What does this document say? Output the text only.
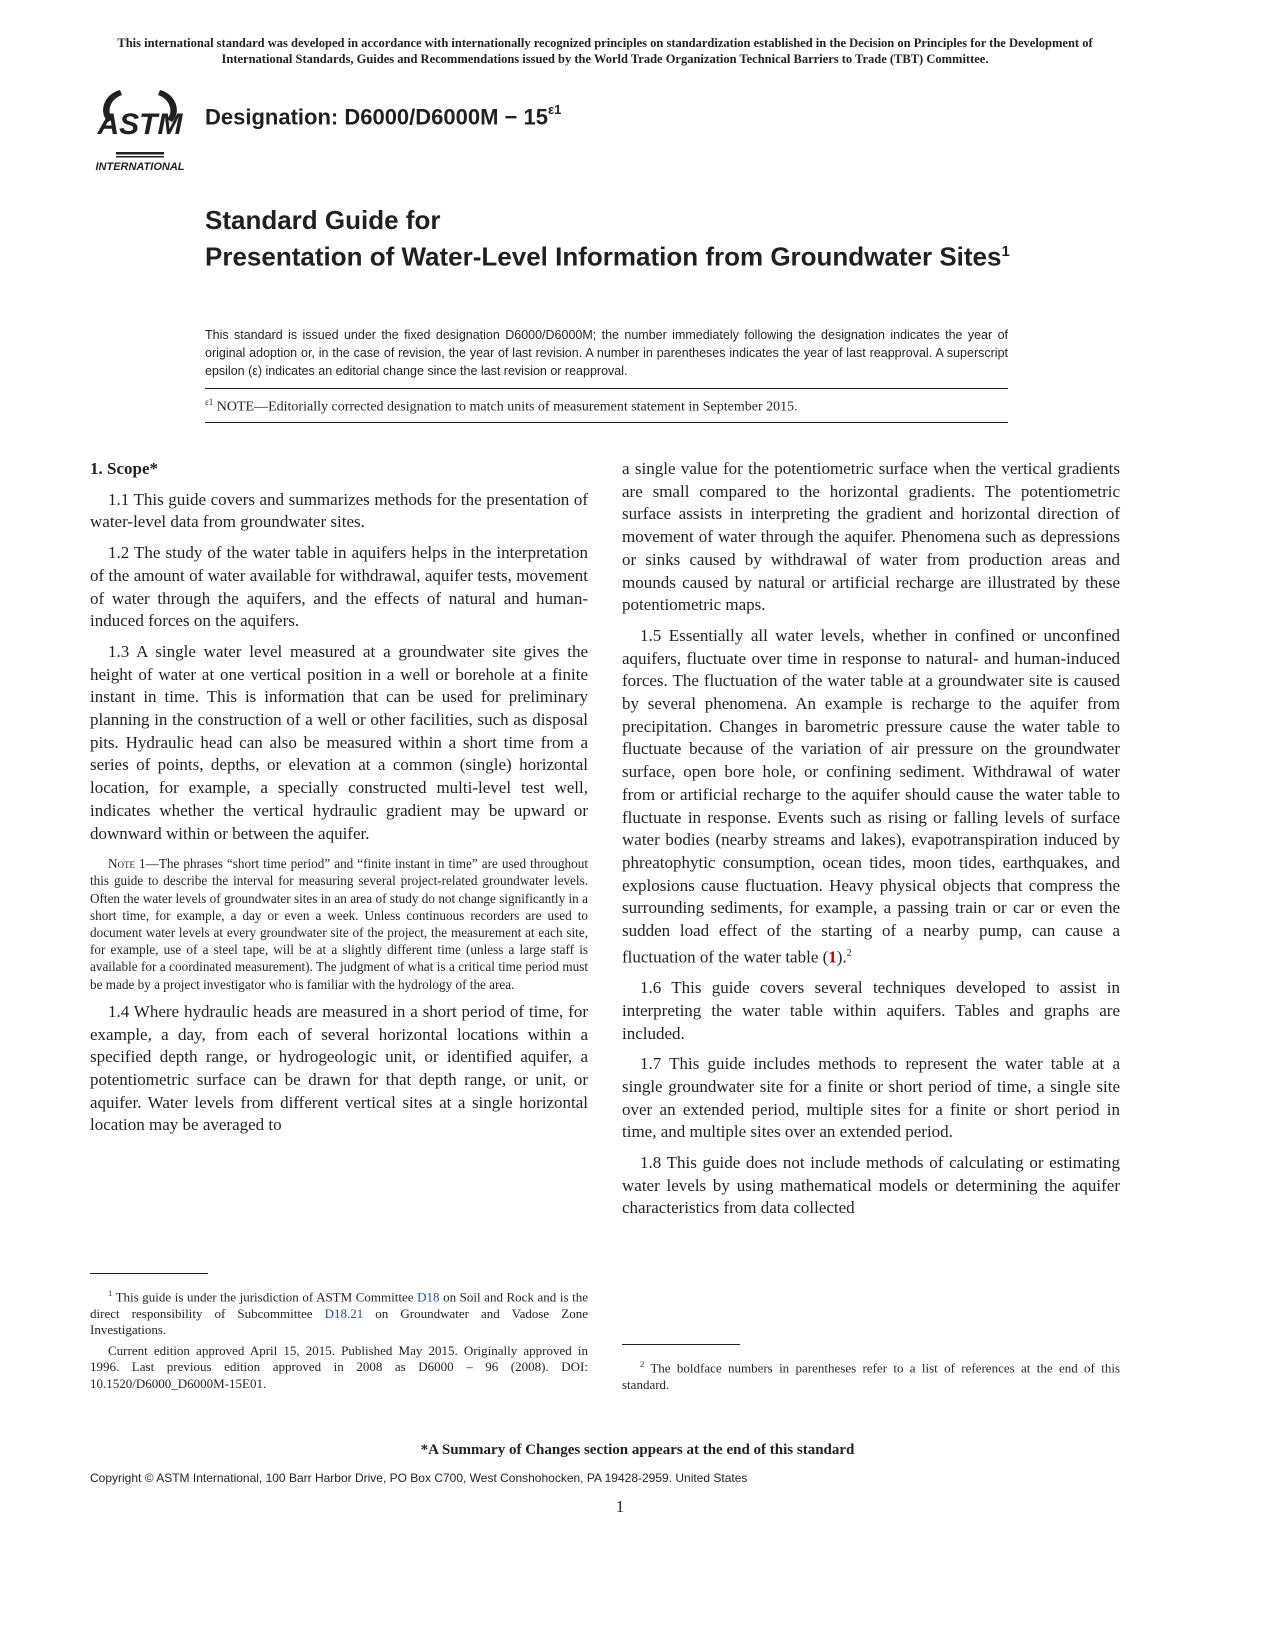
This international standard was developed in accordance with internationally recognized principles on standardization established in the Decision on Principles for the Development of International Standards, Guides and Recommendations issued by the World Trade Organization Technical Barriers to Trade (TBT) Committee.
ASTM
INTERNATIONAL
Designation: $D6000/D6000M - 15^{\varepsilon 1}$
Standard Guide for
Presentation of Water-Level Information from Groundwater Sites$^1$

This standard is issued under the fixed designation D6000/D6000M; the number immediately following the designation indicates the year of original adoption or, in the case of revision, the year of last revision. A number in parentheses indicates the year of last reapproval. A superscript epsilon (ε) indicates an editorial change since the last revision or reapproval.

$^{\varepsilon 1}$ NOTE—Editorially corrected designation to match units of measurement statement in September 2015.

1. Scope*

1.1 This guide covers and summarizes methods for the presentation of water-level data from groundwater sites.

1.2 The study of the water table in aquifers helps in the interpretation of the amount of water available for withdrawal, aquifer tests, movement of water through the aquifers, and the effects of natural and human-induced forces on the aquifers.

1.3 A single water level measured at a groundwater site gives the height of water at one vertical position in a well or borehole at a finite instant in time. This is information that can be used for preliminary planning in the construction of a well or other facilities, such as disposal pits. Hydraulic head can also be measured within a short time from a series of points, depths, or elevation at a common (single) horizontal location, for example, a specially constructed multi-level test well, indicates whether the vertical hydraulic gradient may be upward or downward within or between the aquifer.

Note 1—The phrases “short time period” and “finite instant in time” are used throughout this guide to describe the interval for measuring several project-related groundwater levels. Often the water levels of groundwater sites in an area of study do not change significantly in a short time, for example, a day or even a week. Unless continuous recorders are used to document water levels at every groundwater site of the project, the measurement at each site, for example, use of a steel tape, will be at a slightly different time (unless a large staff is available for a coordinated measurement). The judgment of what is a critical time period must be made by a project investigator who is familiar with the hydrology of the area.

1.4 Where hydraulic heads are measured in a short period of time, for example, a day, from each of several horizontal locations within a specified depth range, or hydrogeologic unit, or identified aquifer, a potentiometric surface can be drawn for that depth range, or unit, or aquifer. Water levels from different vertical sites at a single horizontal location may be averaged to

a single value for the potentiometric surface when the vertical gradients are small compared to the horizontal gradients. The potentiometric surface assists in interpreting the gradient and horizontal direction of movement of water through the aquifer. Phenomena such as depressions or sinks caused by withdrawal of water from production areas and mounds caused by natural or artificial recharge are illustrated by these potentiometric maps.

1.5 Essentially all water levels, whether in confined or unconfined aquifers, fluctuate over time in response to natural- and human-induced forces. The fluctuation of the water table at a groundwater site is caused by several phenomena. An example is recharge to the aquifer from precipitation. Changes in barometric pressure cause the water table to fluctuate because of the variation of air pressure on the groundwater surface, open bore hole, or confining sediment. Withdrawal of water from or artificial recharge to the aquifer should cause the water table to fluctuate in response. Events such as rising or falling levels of surface water bodies (nearby streams and lakes), evapotranspiration induced by phreatophytic consumption, ocean tides, moon tides, earthquakes, and explosions cause fluctuation. Heavy physical objects that compress the surrounding sediments, for example, a passing train or car or even the sudden load effect of the starting of a nearby pump, can cause a fluctuation of the water table (1).$^2$

1.6 This guide covers several techniques developed to assist in interpreting the water table within aquifers. Tables and graphs are included.

1.7 This guide includes methods to represent the water table at a single groundwater site for a finite or short period of time, a single site over an extended period, multiple sites for a finite or short period in time, and multiple sites over an extended period.

1.8 This guide does not include methods of calculating or estimating water levels by using mathematical models or determining the aquifer characteristics from data collected

$^1$ This guide is under the jurisdiction of ASTM Committee D18 on Soil and Rock and is the direct responsibility of Subcommittee D18.21 on Groundwater and Vadose Zone Investigations.

Current edition approved April 15, 2015. Published May 2015. Originally approved in 1996. Last previous edition approved in 2008 as D6000 – 96 (2008). DOI: 10.1520/D6000_D6000M-15E01.

$^2$ The boldface numbers in parentheses refer to a list of references at the end of this standard.

*A Summary of Changes section appears at the end of this standard
Copyright © ASTM International, 100 Barr Harbor Drive, PO Box C700, West Conshohocken, PA 19428-2959. United States
1
